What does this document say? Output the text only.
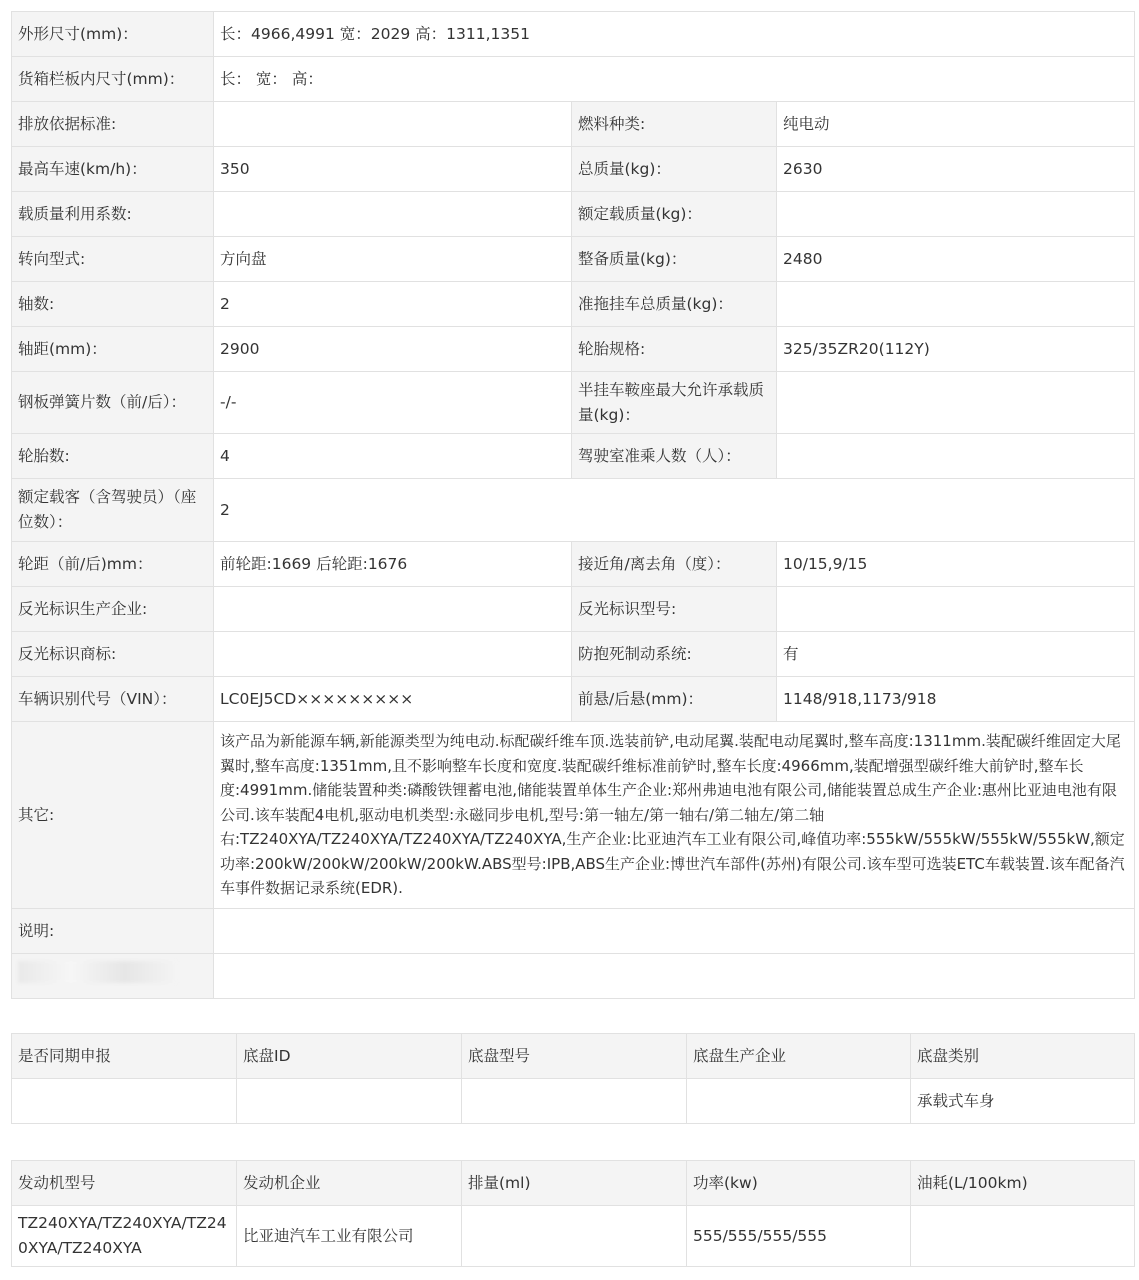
外形尺寸(mm)：	长：4966,4991 宽：2029 高：1311,1351		
货箱栏板内尺寸(mm)：	长： 宽： 高：		
排放依据标准:		燃料种类:	纯电动
最高车速(km/h)：	350	总质量(kg)：	2630
载质量利用系数:		额定载质量(kg)：	
转向型式:	方向盘	整备质量(kg)：	2480
轴数:	2	准拖挂车总质量(kg)：	
轴距(mm)：	2900	轮胎规格:	325/35ZR20(112Y)
钢板弹簧片数（前/后）：	-/-	半挂车鞍座最大允许承载质量(kg)：	
轮胎数:	4	驾驶室准乘人数（人）：	
额定载客（含驾驶员）（座位数）：	2		
轮距（前/后)mm：	前轮距:1669 后轮距:1676	接近角/离去角（度）：	10/15,9/15
反光标识生产企业:		反光标识型号:	
反光标识商标:		防抱死制动系统:	有
车辆识别代号（VIN）：	LC0EJ5CD×××××××××	前悬/后悬(mm)：	1148/918,1173/918
其它:	该产品为新能源车辆,新能源类型为纯电动.标配碳纤维车顶.选装前铲,电动尾翼.装配电动尾翼时,整车高度:1311mm.装配碳纤维固定大尾翼时,整车高度:1351mm,且不影响整车长度和宽度.装配碳纤维标准前铲时,整车长度:4966mm,装配增强型碳纤维大前铲时,整车长度:4991mm.储能装置种类:磷酸铁锂蓄电池,储能装置单体生产企业:郑州弗迪电池有限公司,储能装置总成生产企业:惠州比亚迪电池有限公司.该车装配4电机,驱动电机类型:永磁同步电机,型号:第一轴左/第一轴右/第二轴左/第二轴右:TZ240XYA/TZ240XYA/TZ240XYA/TZ240XYA,生产企业:比亚迪汽车工业有限公司,峰值功率:555kW/555kW/555kW/555kW,额定功率:200kW/200kW/200kW/200kW.ABS型号:IPB,ABS生产企业:博世汽车部件(苏州)有限公司.该车型可选装ETC车载装置.该车配备汽车事件数据记录系统(EDR).		
说明:			

是否同期申报	底盘ID	底盘型号	底盘生产企业	底盘类别
				承载式车身
发动机型号	发动机企业	排量(ml)	功率(kw)	油耗(L/100km)
TZ240XYA/TZ240XYA/TZ240XYA/TZ240XYA	比亚迪汽车工业有限公司		555/555/555/555	
